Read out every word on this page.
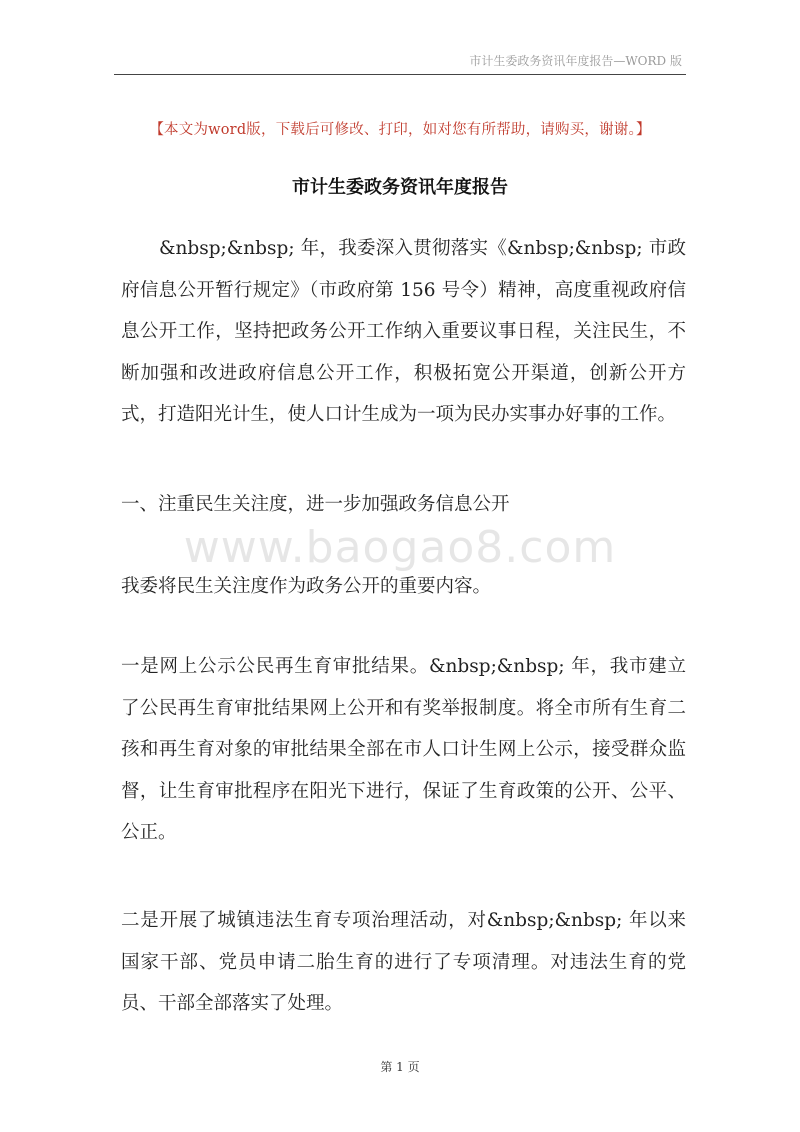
市计生委政务资讯年度报告—WORD 版
【本文为word版，下载后可修改、打印，如对您有所帮助，请购买，谢谢。】
市计生委政务资讯年度报告

&nbsp;&nbsp; 年，我委深入贯彻落实《&nbsp;&nbsp; 市政府信息公开暂行规定》（市政府第 156 号令）精神，高度重视政府信息公开工作，坚持把政务公开工作纳入重要议事日程，关注民生，不断加强和改进政府信息公开工作，积极拓宽公开渠道，创新公开方式，打造阳光计生，使人口计生成为一项为民办实事办好事的工作。

一、注重民生关注度，进一步加强政务信息公开

www.baogao8.com

我委将民生关注度作为政务公开的重要内容。

一是网上公示公民再生育审批结果。&nbsp;&nbsp; 年，我市建立了公民再生育审批结果网上公开和有奖举报制度。将全市所有生育二孩和再生育对象的审批结果全部在市人口计生网上公示，接受群众监督，让生育审批程序在阳光下进行，保证了生育政策的公开、公平、公正。

二是开展了城镇违法生育专项治理活动，对&nbsp;&nbsp; 年以来国家干部、党员申请二胎生育的进行了专项清理。对违法生育的党员、干部全部落实了处理。

第 1 页
